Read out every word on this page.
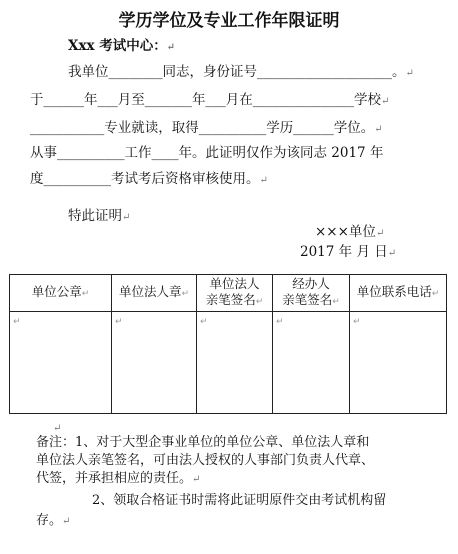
学历学位及专业工作年限证明
Xxx 考试中心：↵
我单位________同志，身份证号____________________。↵
于______年___月至_______年___月在_______________学校↵
___________专业就读，取得__________学历______学位。↵
从事__________工作____年。此证明仅作为该同志 2017 年
度__________考试考后资格审核使用。↵
特此证明↵
×××单位↵
2017 年 月 日↵
单位公章↵	单位法人章↵	单位法人
亲笔签名↵	经办人
亲笔签名↵	单位联系电话↵
↵	↵	↵	↵	↵
↵
备注：1、对于大型企事业单位的单位公章、单位法人章和
单位法人亲笔签名，可由法人授权的人事部门负责人代章、
代签，并承担相应的责任。↵
2、领取合格证书时需将此证明原件交由考试机构留
存。↵
